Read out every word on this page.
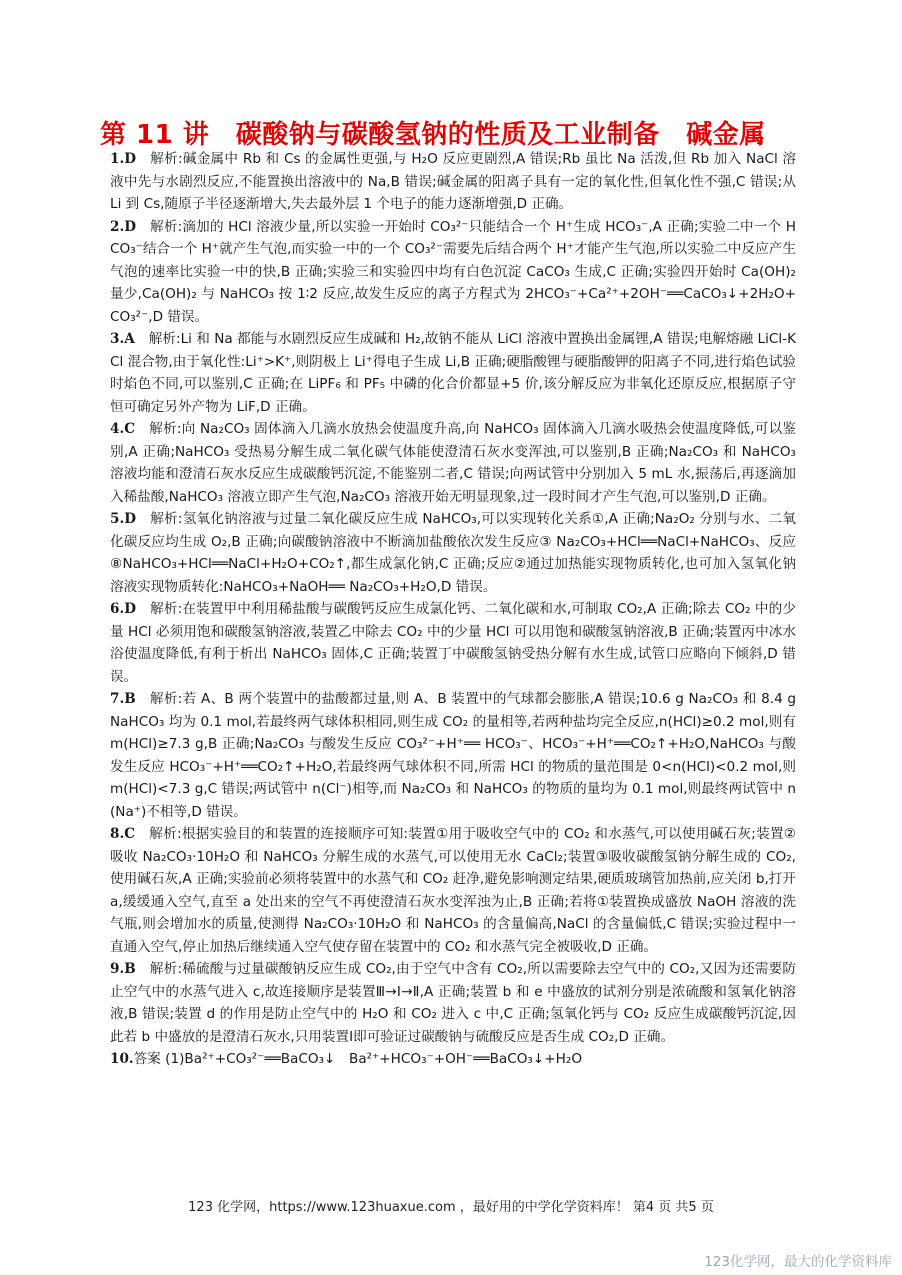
第 11 讲　碳酸钠与碳酸氢钠的性质及工业制备　碱金属

1.D 解析:碱金属中 Rb 和 Cs 的金属性更强,与 H₂O 反应更剧烈,A 错误;Rb 虽比 Na 活泼,但 Rb 加入 NaCl 溶液中先与水剧烈反应,不能置换出溶液中的 Na,B 错误;碱金属的阳离子具有一定的氧化性,但氧化性不强,C 错误;从 Li 到 Cs,随原子半径逐渐增大,失去最外层 1 个电子的能力逐渐增强,D 正确。

2.D 解析:滴加的 HCl 溶液少量,所以实验一开始时 CO₃²⁻只能结合一个 H⁺生成 HCO₃⁻,A 正确;实验二中一个 HCO₃⁻结合一个 H⁺就产生气泡,而实验一中的一个 CO₃²⁻需要先后结合两个 H⁺才能产生气泡,所以实验二中反应产生气泡的速率比实验一中的快,B 正确;实验三和实验四中均有白色沉淀 CaCO₃ 生成,C 正确;实验四开始时 Ca(OH)₂ 量少,Ca(OH)₂ 与 NaHCO₃ 按 1∶2 反应,故发生反应的离子方程式为 2HCO₃⁻+Ca²⁺+2OH⁻══CaCO₃↓+2H₂O+CO₃²⁻,D 错误。

3.A 解析:Li 和 Na 都能与水剧烈反应生成碱和 H₂,故钠不能从 LiCl 溶液中置换出金属锂,A 错误;电解熔融 LiCl-KCl 混合物,由于氧化性:Li⁺>K⁺,则阴极上 Li⁺得电子生成 Li,B 正确;硬脂酸锂与硬脂酸钾的阳离子不同,进行焰色试验时焰色不同,可以鉴别,C 正确;在 LiPF₆ 和 PF₅ 中磷的化合价都显+5 价,该分解反应为非氧化还原反应,根据原子守恒可确定另外产物为 LiF,D 正确。

4.C 解析:向 Na₂CO₃ 固体滴入几滴水放热会使温度升高,向 NaHCO₃ 固体滴入几滴水吸热会使温度降低,可以鉴别,A 正确;NaHCO₃ 受热易分解生成二氧化碳气体能使澄清石灰水变浑浊,可以鉴别,B 正确;Na₂CO₃ 和 NaHCO₃ 溶液均能和澄清石灰水反应生成碳酸钙沉淀,不能鉴别二者,C 错误;向两试管中分别加入 5 mL 水,振荡后,再逐滴加入稀盐酸,NaHCO₃ 溶液立即产生气泡,Na₂CO₃ 溶液开始无明显现象,过一段时间才产生气泡,可以鉴别,D 正确。

5.D 解析:氢氧化钠溶液与过量二氧化碳反应生成 NaHCO₃,可以实现转化关系①,A 正确;Na₂O₂ 分别与水、二氧化碳反应均生成 O₂,B 正确;向碳酸钠溶液中不断滴加盐酸依次发生反应③ Na₂CO₃+HCl══NaCl+NaHCO₃、反应⑧NaHCO₃+HCl══NaCl+H₂O+CO₂↑,都生成氯化钠,C 正确;反应②通过加热能实现物质转化,也可加入氢氧化钠溶液实现物质转化:NaHCO₃+NaOH══ Na₂CO₃+H₂O,D 错误。

6.D 解析:在装置甲中利用稀盐酸与碳酸钙反应生成氯化钙、二氧化碳和水,可制取 CO₂,A 正确;除去 CO₂ 中的少量 HCl 必须用饱和碳酸氢钠溶液,装置乙中除去 CO₂ 中的少量 HCl 可以用饱和碳酸氢钠溶液,B 正确;装置丙中冰水浴使温度降低,有利于析出 NaHCO₃ 固体,C 正确;装置丁中碳酸氢钠受热分解有水生成,试管口应略向下倾斜,D 错误。

7.B 解析:若 A、B 两个装置中的盐酸都过量,则 A、B 装置中的气球都会膨胀,A 错误;10.6 g Na₂CO₃ 和 8.4 g NaHCO₃ 均为 0.1 mol,若最终两气球体积相同,则生成 CO₂ 的量相等,若两种盐均完全反应,n(HCl)≥0.2 mol,则有 m(HCl)≥7.3 g,B 正确;Na₂CO₃ 与酸发生反应 CO₃²⁻+H⁺══ HCO₃⁻、HCO₃⁻+H⁺══CO₂↑+H₂O,NaHCO₃ 与酸发生反应 HCO₃⁻+H⁺══CO₂↑+H₂O,若最终两气球体积不同,所需 HCl 的物质的量范围是 0<n(HCl)<0.2 mol,则 m(HCl)<7.3 g,C 错误;两试管中 n(Cl⁻)相等,而 Na₂CO₃ 和 NaHCO₃ 的物质的量均为 0.1 mol,则最终两试管中 n(Na⁺)不相等,D 错误。

8.C 解析:根据实验目的和装置的连接顺序可知:装置①用于吸收空气中的 CO₂ 和水蒸气,可以使用碱石灰;装置②吸收 Na₂CO₃·10H₂O 和 NaHCO₃ 分解生成的水蒸气,可以使用无水 CaCl₂;装置③吸收碳酸氢钠分解生成的 CO₂,使用碱石灰,A 正确;实验前必须将装置中的水蒸气和 CO₂ 赶净,避免影响测定结果,硬质玻璃管加热前,应关闭 b,打开 a,缓缓通入空气,直至 a 处出来的空气不再使澄清石灰水变浑浊为止,B 正确;若将①装置换成盛放 NaOH 溶液的洗气瓶,则会增加水的质量,使测得 Na₂CO₃·10H₂O 和 NaHCO₃ 的含量偏高,NaCl 的含量偏低,C 错误;实验过程中一直通入空气,停止加热后继续通入空气使存留在装置中的 CO₂ 和水蒸气完全被吸收,D 正确。

9.B 解析:稀硫酸与过量碳酸钠反应生成 CO₂,由于空气中含有 CO₂,所以需要除去空气中的 CO₂,又因为还需要防止空气中的水蒸气进入 c,故连接顺序是装置Ⅲ→Ⅰ→Ⅱ,A 正确;装置 b 和 e 中盛放的试剂分别是浓硫酸和氢氧化钠溶液,B 错误;装置 d 的作用是防止空气中的 H₂O 和 CO₂ 进入 c 中,C 正确;氢氧化钙与 CO₂ 反应生成碳酸钙沉淀,因此若 b 中盛放的是澄清石灰水,只用装置Ⅰ即可验证过碳酸钠与硫酸反应是否生成 CO₂,D 正确。

10.答案 (1)Ba²⁺+CO₃²⁻══BaCO₃↓　Ba²⁺+HCO₃⁻+OH⁻══BaCO₃↓+H₂O

123 化学网，https://www.123huaxue.com ，最好用的中学化学资料库！ 第4 页 共5 页
123化学网，最大的化学资料库
